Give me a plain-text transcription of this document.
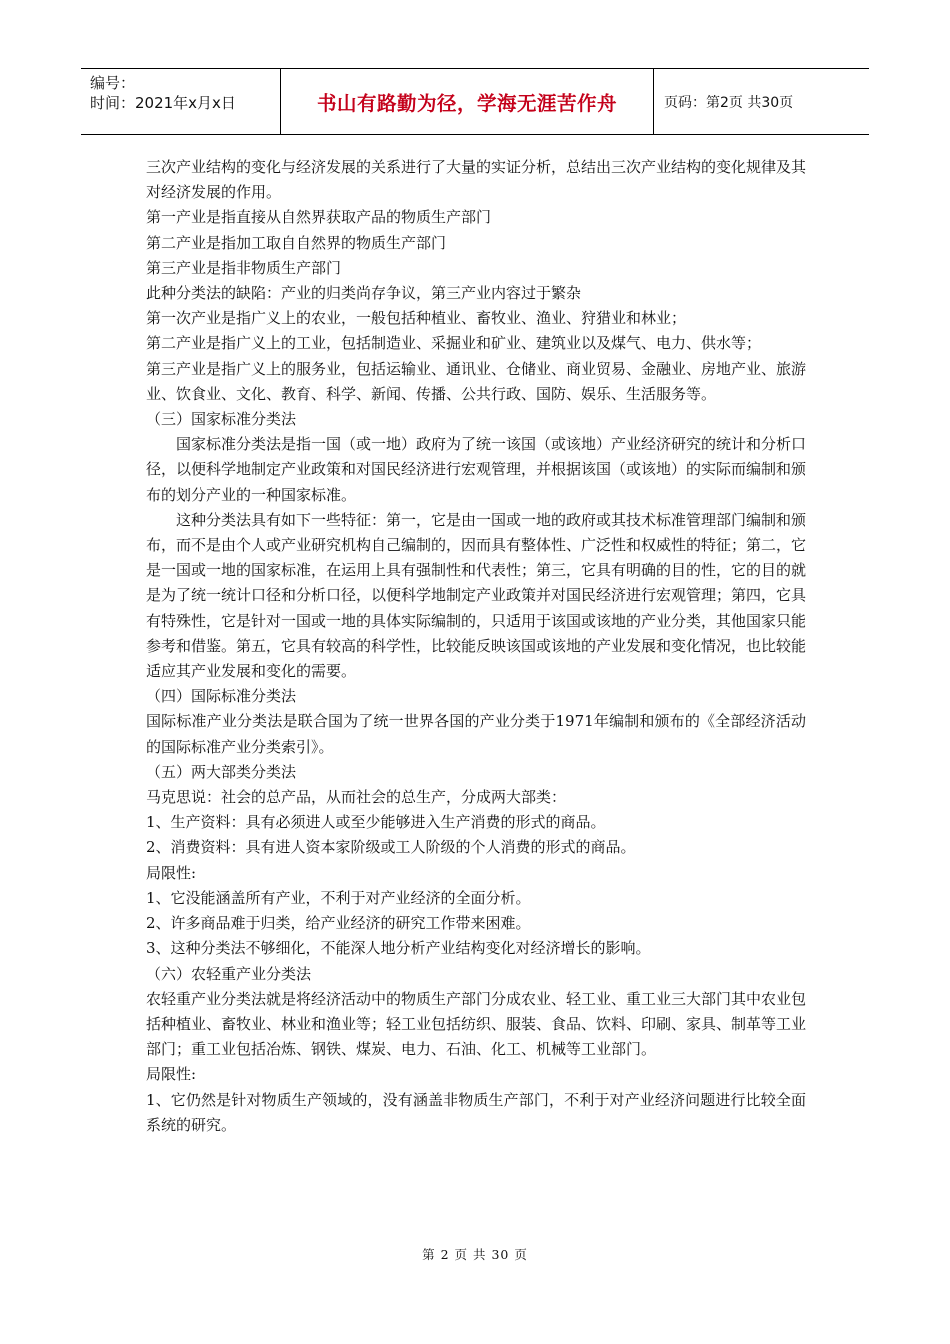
编号：
时间：2021年x月x日	书山有路勤为径，学海无涯苦作舟	页码：第2页 共30页

三次产业结构的变化与经济发展的关系进行了大量的实证分析，总结出三次产业结构的变化规律及其对经济发展的作用。

第一产业是指直接从自然界获取产品的物质生产部门

第二产业是指加工取自自然界的物质生产部门

第三产业是指非物质生产部门

此种分类法的缺陷：产业的归类尚存争议，第三产业内容过于繁杂

第一次产业是指广义上的农业，一般包括种植业、畜牧业、渔业、狩猎业和林业；

第二产业是指广义上的工业，包括制造业、采掘业和矿业、建筑业以及煤气、电力、供水等；

第三产业是指广义上的服务业，包括运输业、通讯业、仓储业、商业贸易、金融业、房地产业、旅游业、饮食业、文化、教育、科学、新闻、传播、公共行政、国防、娱乐、生活服务等。

（三）国家标准分类法

国家标准分类法是指一国（或一地）政府为了统一该国（或该地）产业经济研究的统计和分析口径，以便科学地制定产业政策和对国民经济进行宏观管理，并根据该国（或该地）的实际而编制和颁布的划分产业的一种国家标准。

这种分类法具有如下一些特征：第一，它是由一国或一地的政府或其技术标准管理部门编制和颁布，而不是由个人或产业研究机构自己编制的，因而具有整体性、广泛性和权威性的特征；第二，它是一国或一地的国家标准，在运用上具有强制性和代表性；第三，它具有明确的目的性，它的目的就是为了统一统计口径和分析口径，以便科学地制定产业政策并对国民经济进行宏观管理；第四，它具有特殊性，它是针对一国或一地的具体实际编制的，只适用于该国或该地的产业分类，其他国家只能参考和借鉴。第五，它具有较高的科学性，比较能反映该国或该地的产业发展和变化情况，也比较能适应其产业发展和变化的需要。

（四）国际标准分类法

国际标准产业分类法是联合国为了统一世界各国的产业分类于1971年编制和颁布的《全部经济活动的国际标准产业分类索引》。

（五）两大部类分类法

马克思说：社会的总产品，从而社会的总生产，分成两大部类：

1、生产资料：具有必须进人或至少能够进入生产消费的形式的商品。

2、消费资料：具有进人资本家阶级或工人阶级的个人消费的形式的商品。

局限性:

1、它没能涵盖所有产业，不利于对产业经济的全面分析。

2、许多商品难于归类，给产业经济的研究工作带来困难。

3、这种分类法不够细化，不能深人地分析产业结构变化对经济增长的影响。

（六）农轻重产业分类法

农轻重产业分类法就是将经济活动中的物质生产部门分成农业、轻工业、重工业三大部门其中农业包括种植业、畜牧业、林业和渔业等；轻工业包括纺织、服装、食品、饮料、印刷、家具、制革等工业部门；重工业包括冶炼、钢铁、煤炭、电力、石油、化工、机械等工业部门。

局限性:

1、它仍然是针对物质生产领域的，没有涵盖非物质生产部门，不利于对产业经济问题进行比较全面系统的研究。

第 2 页 共 30 页
